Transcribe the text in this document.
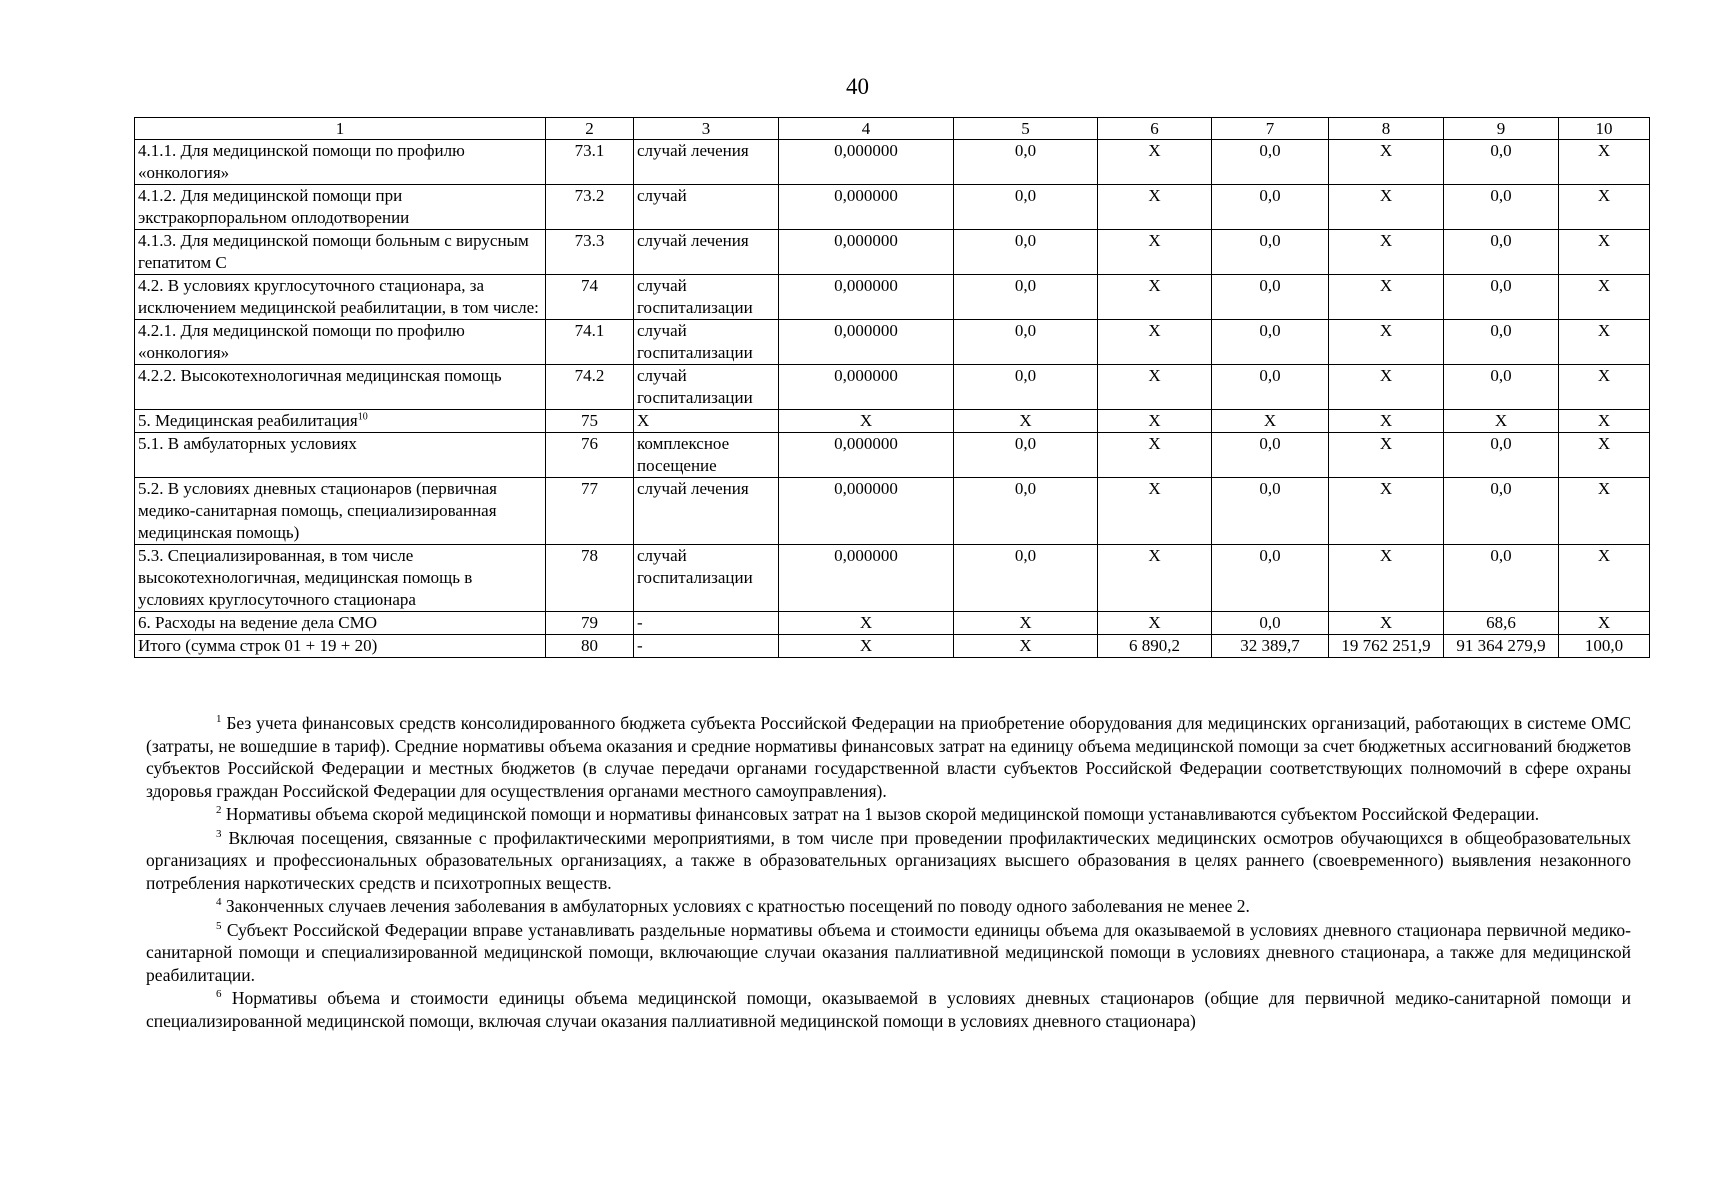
40
1	2	3	4	5	6	7	8	9	10
4.1.1. Для медицинской помощи по профилю «онкология»	73.1	случай лечения	0,000000	0,0	X	0,0	X	0,0	X
4.1.2. Для медицинской помощи при экстракорпоральном оплодотворении	73.2	случай	0,000000	0,0	X	0,0	X	0,0	X
4.1.3. Для медицинской помощи больным с вирусным гепатитом С	73.3	случай лечения	0,000000	0,0	X	0,0	X	0,0	X
4.2. В условиях круглосуточного стационара, за исключением медицинской реабилитации, в том числе:	74	случай госпитализации	0,000000	0,0	X	0,0	X	0,0	X
4.2.1. Для медицинской помощи по профилю «онкология»	74.1	случай госпитализации	0,000000	0,0	X	0,0	X	0,0	X
4.2.2. Высокотехнологичная медицинская помощь	74.2	случай госпитализации	0,000000	0,0	X	0,0	X	0,0	X
5. Медицинская реабилитация$^{10}$	75	X	X	X	X	X	X	X	X
5.1. В амбулаторных условиях	76	комплексное посещение	0,000000	0,0	X	0,0	X	0,0	X
5.2. В условиях дневных стационаров (первичная медико-санитарная помощь, специализированная медицинская помощь)	77	случай лечения	0,000000	0,0	X	0,0	X	0,0	X
5.3. Специализированная, в том числе высокотехнологичная, медицинская помощь в условиях круглосуточного стационара	78	случай госпитализации	0,000000	0,0	X	0,0	X	0,0	X
6. Расходы на ведение дела СМО	79	-	X	X	X	0,0	X	68,6	X
Итого (сумма строк 01 + 19 + 20)	80	-	X	X	6 890,2	32 389,7	19 762 251,9	91 364 279,9	100,0

$^1$ Без учета финансовых средств консолидированного бюджета субъекта Российской Федерации на приобретение оборудования для медицинских организаций, работающих в системе ОМС (затраты, не вошедшие в тариф). Средние нормативы объема оказания и средние нормативы финансовых затрат на единицу объема медицинской помощи за счет бюджетных ассигнований бюджетов субъектов Российской Федерации и местных бюджетов (в случае передачи органами государственной власти субъектов Российской Федерации соответствующих полномочий в сфере охраны здоровья граждан Российской Федерации для осуществления органами местного самоуправления).

$^2$ Нормативы объема скорой медицинской помощи и нормативы финансовых затрат на 1 вызов скорой медицинской помощи устанавливаются субъектом Российской Федерации.

$^3$ Включая посещения, связанные с профилактическими мероприятиями, в том числе при проведении профилактических медицинских осмотров обучающихся в общеобразовательных организациях и профессиональных образовательных организациях, а также в образовательных организациях высшего образования в целях раннего (своевременного) выявления незаконного потребления наркотических средств и психотропных веществ.

$^4$ Законченных случаев лечения заболевания в амбулаторных условиях с кратностью посещений по поводу одного заболевания не менее 2.

$^5$ Субъект Российской Федерации вправе устанавливать раздельные нормативы объема и стоимости единицы объема для оказываемой в условиях дневного стационара первичной медико-санитарной помощи и специализированной медицинской помощи, включающие случаи оказания паллиативной медицинской помощи в условиях дневного стационара, а также для медицинской реабилитации.

$^6$ Нормативы объема и стоимости единицы объема медицинской помощи, оказываемой в условиях дневных стационаров (общие для первичной медико-санитарной помощи и специализированной медицинской помощи, включая случаи оказания паллиативной медицинской помощи в условиях дневного стационара)
